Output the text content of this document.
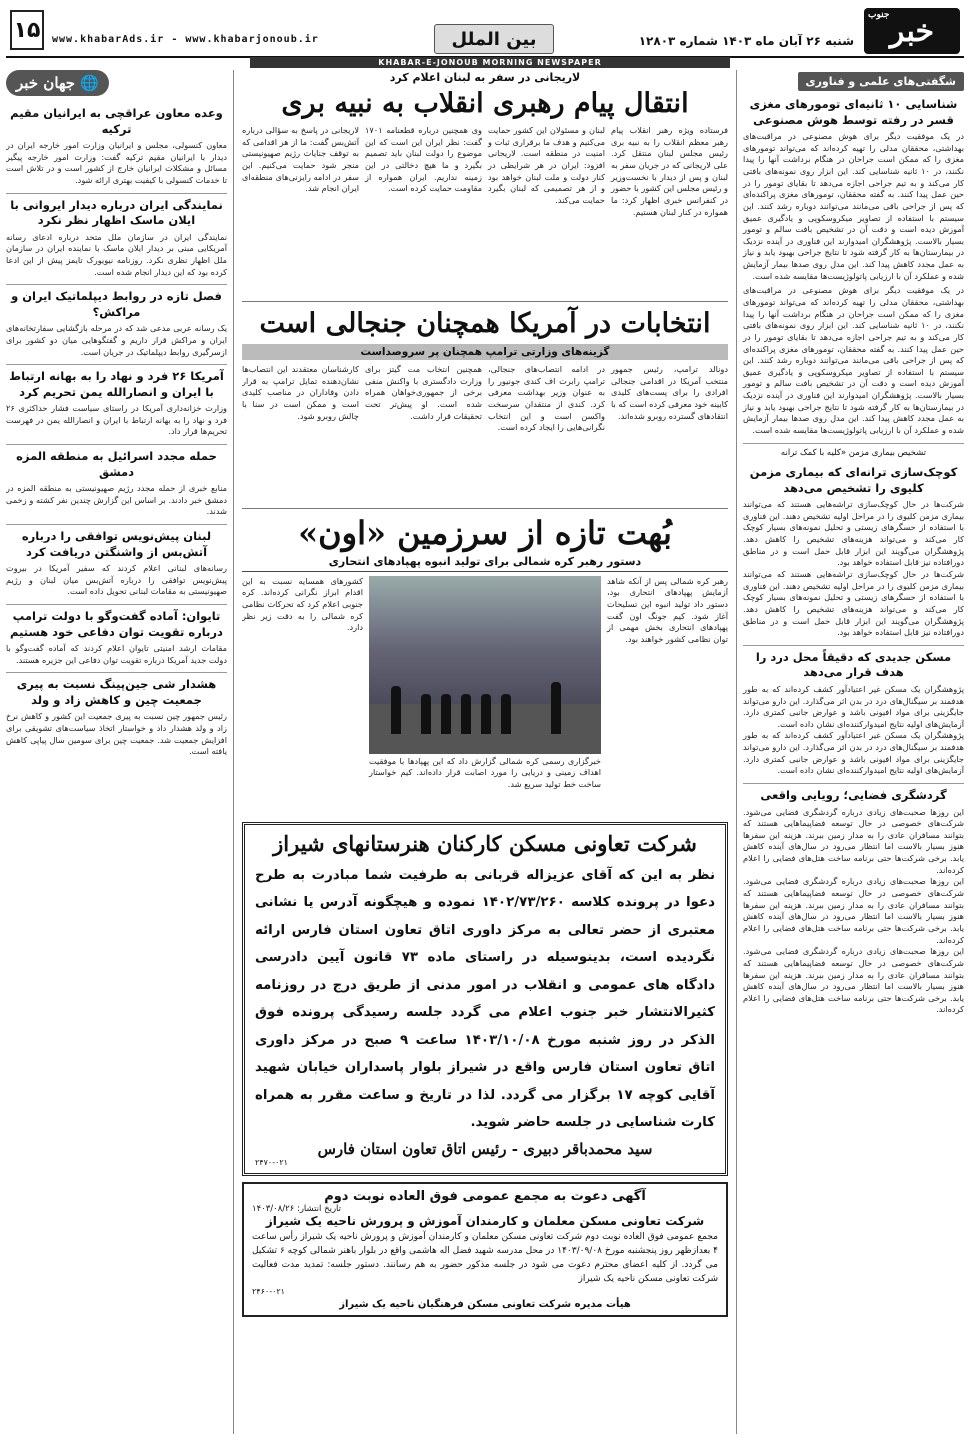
۱۵	www.khabarAds.ir - www.khabarjonoub.ir	بین الملل	شنبه ۲۶ آبان ماه ۱۴۰۳ شماره ۱۲۸۰۳
جنوب خبر
KHABAR-E-JONOUB MORNING NEWSPAPER
شگفتی‌های علمی و فناوری
شناسایی ۱۰ ثانیه‌ای تومورهای مغزی قسر در رفته توسط هوش مصنوعی
در یک موفقیت دیگر برای هوش مصنوعی در مراقبت‌های بهداشتی، محققان مدلی را تهیه کرده‌اند که می‌تواند تومورهای مغزی را که ممکن است جراحان در هنگام برداشت آنها را پیدا نکنند، در ۱۰ ثانیه شناسایی کند. این ابزار روی نمونه‌های بافتی کار می‌کند و به تیم جراحی اجازه می‌دهد تا بقایای تومور را در حین عمل پیدا کنند. به گفته محققان، تومورهای مغزی پراکنده‌ای که پس از جراحی باقی می‌مانند می‌توانند دوباره رشد کنند. این سیستم با استفاده از تصاویر میکروسکوپی و یادگیری عمیق آموزش دیده است و دقت آن در تشخیص بافت سالم و تومور بسیار بالاست. پژوهشگران امیدوارند این فناوری در آینده نزدیک در بیمارستان‌ها به کار گرفته شود تا نتایج جراحی بهبود یابد و نیاز به عمل مجدد کاهش پیدا کند. این مدل روی صدها بیمار آزمایش شده و عملکرد آن با ارزیابی پاتولوژیست‌ها مقایسه شده است.
در یک موفقیت دیگر برای هوش مصنوعی در مراقبت‌های بهداشتی، محققان مدلی را تهیه کرده‌اند که می‌تواند تومورهای مغزی را که ممکن است جراحان در هنگام برداشت آنها را پیدا نکنند، در ۱۰ ثانیه شناسایی کند. این ابزار روی نمونه‌های بافتی کار می‌کند و به تیم جراحی اجازه می‌دهد تا بقایای تومور را در حین عمل پیدا کنند. به گفته محققان، تومورهای مغزی پراکنده‌ای که پس از جراحی باقی می‌مانند می‌توانند دوباره رشد کنند. این سیستم با استفاده از تصاویر میکروسکوپی و یادگیری عمیق آموزش دیده است و دقت آن در تشخیص بافت سالم و تومور بسیار بالاست. پژوهشگران امیدوارند این فناوری در آینده نزدیک در بیمارستان‌ها به کار گرفته شود تا نتایج جراحی بهبود یابد و نیاز به عمل مجدد کاهش پیدا کند. این مدل روی صدها بیمار آزمایش شده و عملکرد آن با ارزیابی پاتولوژیست‌ها مقایسه شده است.
تشخیص بیماری مزمن «کلیه با کمک ترانه
کوچک‌سازی ترانه‌ای که بیماری مزمن کلیوی را تشخیص می‌دهد
شرکت‌ها در حال کوچک‌سازی تراشه‌هایی هستند که می‌توانند بیماری مزمن کلیوی را در مراحل اولیه تشخیص دهند. این فناوری با استفاده از حسگرهای زیستی و تحلیل نمونه‌های بسیار کوچک کار می‌کند و می‌تواند هزینه‌های تشخیص را کاهش دهد. پژوهشگران می‌گویند این ابزار قابل حمل است و در مناطق دورافتاده نیز قابل استفاده خواهد بود.
شرکت‌ها در حال کوچک‌سازی تراشه‌هایی هستند که می‌توانند بیماری مزمن کلیوی را در مراحل اولیه تشخیص دهند. این فناوری با استفاده از حسگرهای زیستی و تحلیل نمونه‌های بسیار کوچک کار می‌کند و می‌تواند هزینه‌های تشخیص را کاهش دهد. پژوهشگران می‌گویند این ابزار قابل حمل است و در مناطق دورافتاده نیز قابل استفاده خواهد بود.
مسکن جدیدی که دقیقاً محل درد را هدف قرار می‌دهد
پژوهشگران یک مسکن غیر اعتیادآور کشف کرده‌اند که به طور هدفمند بر سیگنال‌های درد در بدن اثر می‌گذارد. این دارو می‌تواند جایگزینی برای مواد افیونی باشد و عوارض جانبی کمتری دارد. آزمایش‌های اولیه نتایج امیدوارکننده‌ای نشان داده است.
پژوهشگران یک مسکن غیر اعتیادآور کشف کرده‌اند که به طور هدفمند بر سیگنال‌های درد در بدن اثر می‌گذارد. این دارو می‌تواند جایگزینی برای مواد افیونی باشد و عوارض جانبی کمتری دارد. آزمایش‌های اولیه نتایج امیدوارکننده‌ای نشان داده است.
گردشگری فضایی؛ رویایی واقعی
این روزها صحبت‌های زیادی درباره گردشگری فضایی می‌شود. شرکت‌های خصوصی در حال توسعه فضاپیماهایی هستند که بتوانند مسافران عادی را به مدار زمین ببرند. هزینه این سفرها هنوز بسیار بالاست اما انتظار می‌رود در سال‌های آینده کاهش یابد. برخی شرکت‌ها حتی برنامه ساخت هتل‌های فضایی را اعلام کرده‌اند.
این روزها صحبت‌های زیادی درباره گردشگری فضایی می‌شود. شرکت‌های خصوصی در حال توسعه فضاپیماهایی هستند که بتوانند مسافران عادی را به مدار زمین ببرند. هزینه این سفرها هنوز بسیار بالاست اما انتظار می‌رود در سال‌های آینده کاهش یابد. برخی شرکت‌ها حتی برنامه ساخت هتل‌های فضایی را اعلام کرده‌اند.
این روزها صحبت‌های زیادی درباره گردشگری فضایی می‌شود. شرکت‌های خصوصی در حال توسعه فضاپیماهایی هستند که بتوانند مسافران عادی را به مدار زمین ببرند. هزینه این سفرها هنوز بسیار بالاست اما انتظار می‌رود در سال‌های آینده کاهش یابد. برخی شرکت‌ها حتی برنامه ساخت هتل‌های فضایی را اعلام کرده‌اند.
🌐 جهان خبر
وعده معاون عراقچی به ایرانیان مقیم ترکیه
معاون کنسولی، مجلس و ایرانیان وزارت امور خارجه ایران در دیدار با ایرانیان مقیم ترکیه گفت: وزارت امور خارجه پیگیر مسائل و مشکلات ایرانیان خارج از کشور است و در تلاش است تا خدمات کنسولی با کیفیت بهتری ارائه شود.
نمایندگی ایران درباره دیدار ایروانی با ایلان ماسک اظهار نظر نکرد
نمایندگی ایران در سازمان ملل متحد درباره ادعای رسانه آمریکایی مبنی بر دیدار ایلان ماسک با نماینده ایران در سازمان ملل اظهار نظری نکرد. روزنامه نیویورک تایمز پیش از این ادعا کرده بود که این دیدار انجام شده است.
فصل تازه در روابط دیپلماتیک ایران و مراکش؟
یک رسانه عربی مدعی شد که در مرحله بازگشایی سفارتخانه‌های ایران و مراکش قرار داریم و گفتگوهایی میان دو کشور برای ازسرگیری روابط دیپلماتیک در جریان است.
آمریکا ۲۶ فرد و نهاد را به بهانه ارتباط با ایران و انصارالله یمن تحریم کرد
وزارت خزانه‌داری آمریکا در راستای سیاست فشار حداکثری ۲۶ فرد و نهاد را به بهانه ارتباط با ایران و انصارالله یمن در فهرست تحریم‌ها قرار داد.
حمله مجدد اسرائیل به منطقه المزه دمشق
منابع خبری از حمله مجدد رژیم صهیونیستی به منطقه المزه در دمشق خبر دادند. بر اساس این گزارش چندین نفر کشته و زخمی شدند.
لبنان پیش‌نویس توافقی را درباره آتش‌بس از واشنگتن دریافت کرد
رسانه‌های لبنانی اعلام کردند که سفیر آمریکا در بیروت پیش‌نویس توافقی را درباره آتش‌بس میان لبنان و رژیم صهیونیستی به مقامات لبنانی تحویل داده است.
تایوان: آماده گفت‌وگو با دولت ترامپ درباره تقویت توان دفاعی خود هستیم
مقامات ارشد امنیتی تایوان اعلام کردند که آماده گفت‌وگو با دولت جدید آمریکا درباره تقویت توان دفاعی این جزیره هستند.
هشدار شی جین‌پینگ نسبت به پیری جمعیت چین و کاهش زاد و ولد
رئیس جمهور چین نسبت به پیری جمعیت این کشور و کاهش نرخ زاد و ولد هشدار داد و خواستار اتخاذ سیاست‌های تشویقی برای افزایش جمعیت شد. جمعیت چین برای سومین سال پیاپی کاهش یافته است.
لاریجانی در سفر به لبنان اعلام کرد
انتقال پیام رهبری انقلاب به نبیه بری
فرستاده ویژه رهبر انقلاب پیام رهبر معظم انقلاب را به نبیه بری رئیس مجلس لبنان منتقل کرد. علی لاریجانی که در جریان سفر به لبنان و پس از دیدار با نخست‌وزیر و رئیس مجلس این کشور با حضور در کنفرانس خبری اظهار کرد: ما همواره در کنار لبنان هستیم.
لبنان و مسئولان این کشور حمایت می‌کنیم و هدف ما برقراری ثبات و امنیت در منطقه است. لاریجانی افزود: ایران در هر شرایطی در کنار دولت و ملت لبنان خواهد بود و از هر تصمیمی که لبنان بگیرد حمایت می‌کند.
وی همچنین درباره قطعنامه ۱۷۰۱ گفت: نظر ایران این است که این موضوع را دولت لبنان باید تصمیم بگیرد و ما هیچ دخالتی در این زمینه نداریم. ایران همواره از مقاومت حمایت کرده است.
لاریجانی در پاسخ به سؤالی درباره آتش‌بس گفت: ما از هر اقدامی که به توقف جنایات رژیم صهیونیستی منجر شود حمایت می‌کنیم. این سفر در ادامه رایزنی‌های منطقه‌ای ایران انجام شد.
انتخابات در آمریکا همچنان جنجالی است
گزینه‌های وزارتی ترامپ همچنان پر سروصداست
دونالد ترامپ، رئیس جمهور منتخب آمریکا در اقدامی جنجالی افرادی را برای پست‌های کلیدی کابینه خود معرفی کرده است که با انتقادهای گسترده روبرو شده‌اند.
در ادامه انتصاب‌های جنجالی، ترامپ رابرت اف کندی جونیور را به عنوان وزیر بهداشت معرفی کرد. کندی از منتقدان سرسخت واکسن است و این انتخاب نگرانی‌هایی را ایجاد کرده است.
همچنین انتخاب مت گیتز برای وزارت دادگستری با واکنش منفی برخی از جمهوری‌خواهان همراه شده است. او پیش‌تر تحت تحقیقات قرار داشت.
کارشناسان معتقدند این انتصاب‌ها نشان‌دهنده تمایل ترامپ به قرار دادن وفاداران در مناصب کلیدی است و ممکن است در سنا با چالش روبرو شود.
بُهت تازه از سرزمین «اون»
دستور رهبر کره شمالی برای تولید انبوه پهپادهای انتحاری
رهبر کره شمالی پس از آنکه شاهد آزمایش پهپادهای انتحاری بود، دستور داد تولید انبوه این تسلیحات آغاز شود. کیم جونگ اون گفت پهپادهای انتحاری بخش مهمی از توان نظامی کشور خواهند بود.
خبرگزاری رسمی کره شمالی گزارش داد که این پهپادها با موفقیت اهداف زمینی و دریایی را مورد اصابت قرار داده‌اند. کیم خواستار ساخت خط تولید سریع شد.
کشورهای همسایه نسبت به این اقدام ابراز نگرانی کرده‌اند. کره جنوبی اعلام کرد که تحرکات نظامی کره شمالی را به دقت زیر نظر دارد.
شرکت تعاونی مسکن کارکنان هنرستانهای شیراز
نظر به این که آقای عزیزاله قربانی به طرفیت شما مبادرت به طرح دعوا در پرونده کلاسه ۱۴۰۲/۷۳/۲۶۰ نموده و هیچگونه آدرس یا نشانی معتبری از حضر تعالی به مرکز داوری اتاق تعاون استان فارس ارائه نگردیده است، بدینوسیله در راستای ماده ۷۳ قانون آیین دادرسی دادگاه های عمومی و انقلاب در امور مدنی از طریق درج در روزنامه کثیرالانتشار خبر جنوب اعلام می گردد جلسه رسیدگی پرونده فوق الذکر در روز شنبه مورخ ۱۴۰۳/۱۰/۰۸ ساعت ۹ صبح در مرکز داوری اتاق تعاون استان فارس واقع در شیراز بلوار پاسداران خیابان شهید آقایی کوچه ۱۷ برگزار می گردد. لذا در تاریخ و ساعت مقرر به همراه کارت شناسایی در جلسه حاضر شوید.
سید محمدباقر دبیری - رئیس اتاق تعاون استان فارس
۲۴۷۰-۰۲۱
آگهی دعوت به مجمع عمومی فوق العاده نوبت دوم
تاریخ انتشار: ۱۴۰۳/۰۸/۲۶
شرکت تعاونی مسکن معلمان و کارمندان آموزش و پرورش ناحیه یک شیراز
مجمع عمومی فوق العاده نوبت دوم شرکت تعاونی مسکن معلمان و کارمندان آموزش و پرورش ناحیه یک شیراز رأس ساعت ۴ بعدازظهر روز پنجشنبه مورخ ۱۴۰۳/۰۹/۰۸ در محل مدرسه شهید فضل اله هاشمی واقع در بلوار باهنر شمالی کوچه ۶ تشکیل می گردد. از کلیه اعضای محترم دعوت می شود در جلسه مذکور حضور به هم رسانند. دستور جلسه: تمدید مدت فعالیت شرکت تعاونی مسکن ناحیه یک شیراز
۲۴۶۰-۰۲۱
هیأت مدیره شرکت تعاونی مسکن فرهنگیان ناحیه یک شیراز
